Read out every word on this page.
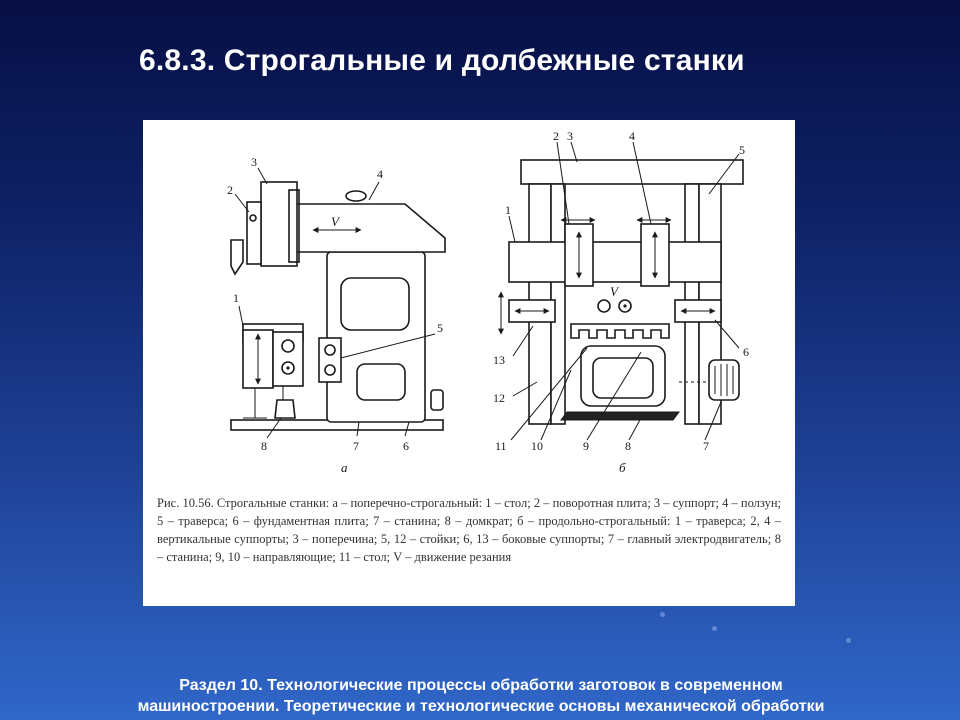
6.8.3. Строгальные и долбежные станки
V
3
2
4
1
5
6
7
8
а
V
2 3	4
5
1
6
13
12
11 10	9	8	7
б

Рис. 10.56. Строгальные станки: а – поперечно-строгальный: 1 – стол; 2 – поворотная плита; 3 – суппорт; 4 – ползун; 5 – траверса; 6 – фундаментная плита; 7 – станина; 8 – домкрат; б – продольно-строгальный: 1 – траверса; 2, 4 – вертикальные суппорты; 3 – поперечина; 5, 12 – стойки; 6, 13 – боковые суппорты; 7 – главный электродвигатель; 8 – станина; 9, 10 – направляющие; 11 – стол; V – движение резания

Раздел 10. Технологические процессы обработки заготовок в современном
машиностроении. Теоретические и технологические основы механической обработки
